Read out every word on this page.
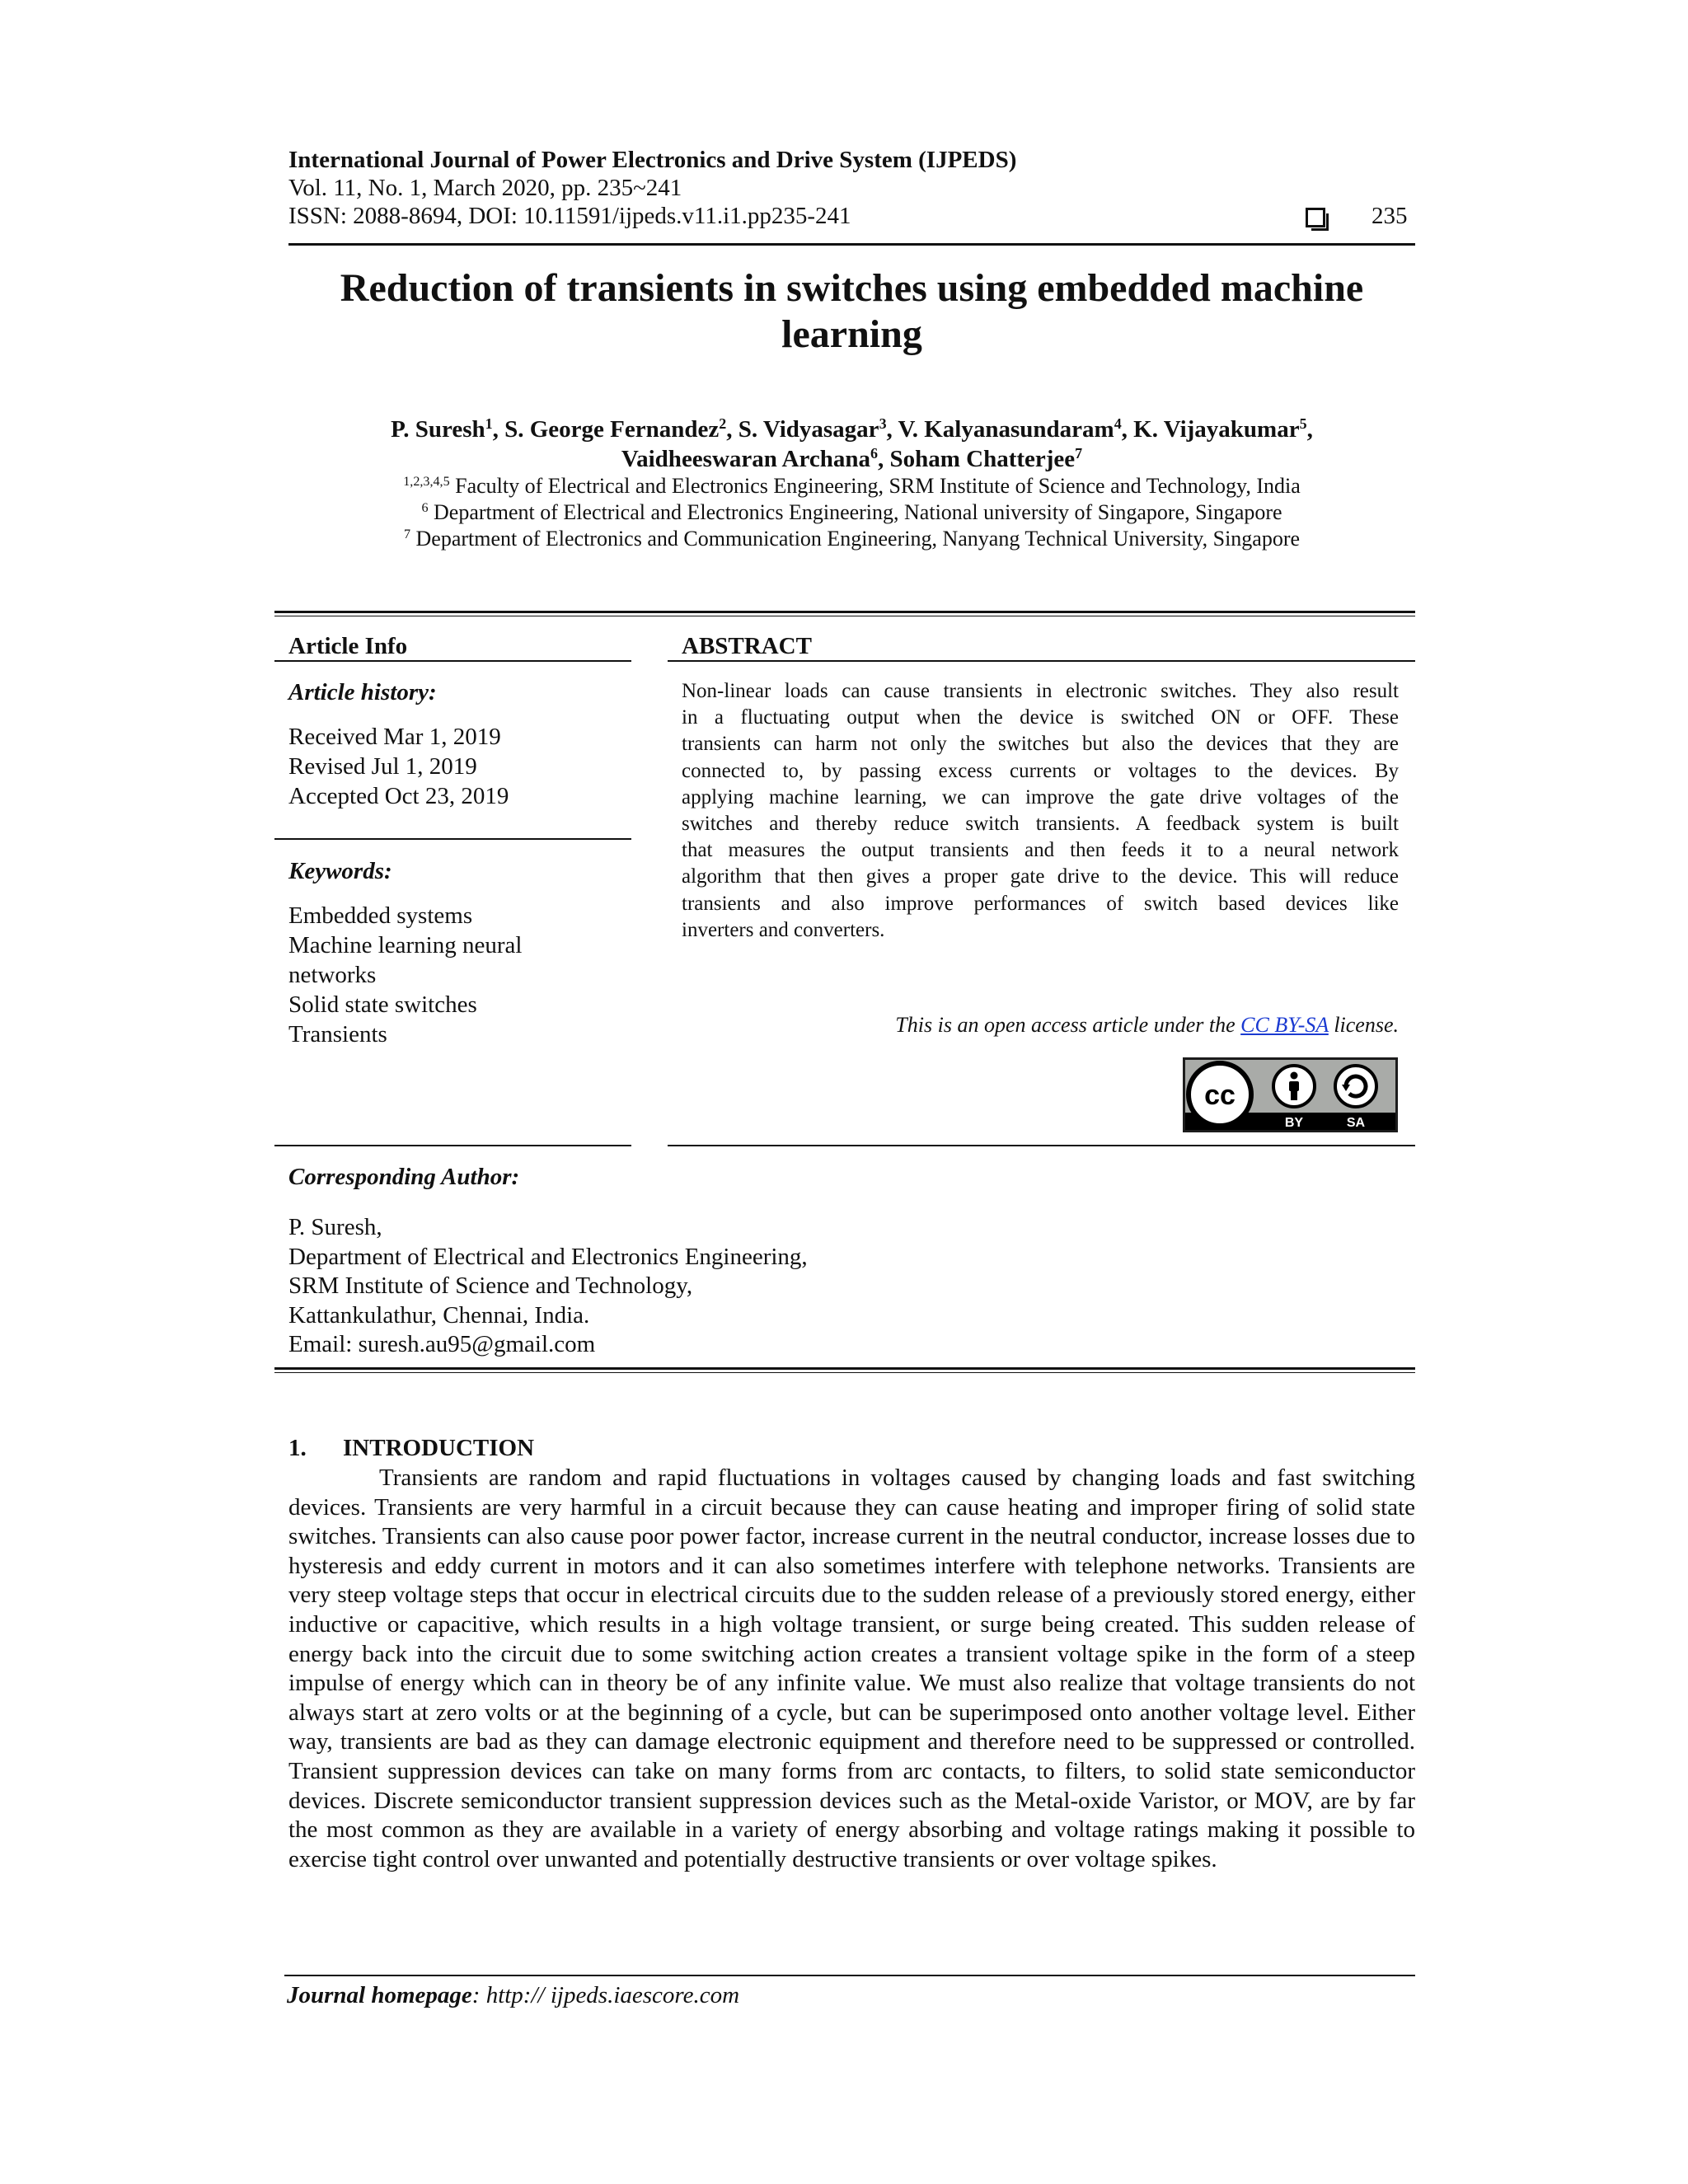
International Journal of Power Electronics and Drive System (IJPEDS)
Vol. 11, No. 1, March 2020, pp. 235~241
ISSN: 2088-8694, DOI: 10.11591/ijpeds.v11.i1.pp235-241	235
Reduction of transients in switches using embedded machine
learning
P. Suresh$^1$, S. George Fernandez$^2$, S. Vidyasagar$^3$, V. Kalyanasundaram$^4$, K. Vijayakumar$^5$,
Vaidheeswaran Archana$^6$, Soham Chatterjee$^7$
$^{1,2,3,4,5}$ Faculty of Electrical and Electronics Engineering, SRM Institute of Science and Technology, India
$^6$ Department of Electrical and Electronics Engineering, National university of Singapore, Singapore
$^7$ Department of Electronics and Communication Engineering, Nanyang Technical University, Singapore
Article Info	ABSTRACT
Article history:
Received Mar 1, 2019
Revised Jul 1, 2019
Accepted Oct 23, 2019
Keywords:
Embedded systems
Machine learning neural
networks
Solid state switches
Transients
Non-linear loads can cause transients in electronic switches. They also result
in a fluctuating output when the device is switched ON or OFF. These
transients can harm not only the switches but also the devices that they are
connected to, by passing excess currents or voltages to the devices. By
applying machine learning, we can improve the gate drive voltages of the
switches and thereby reduce switch transients. A feedback system is built
that measures the output transients and then feeds it to a neural network
algorithm that then gives a proper gate drive to the device. This will reduce
transients and also improve performances of switch based devices like
inverters and converters.
This is an open access article under the CC BY-SA license.
cc
BY	SA
Corresponding Author:
P. Suresh,
Department of Electrical and Electronics Engineering,
SRM Institute of Science and Technology,
Kattankulathur, Chennai, India.
Email: suresh.au95@gmail.com
1. INTRODUCTION
Transients are random and rapid fluctuations in voltages caused by changing loads and fast switching devices. Transients are very harmful in a circuit because they can cause heating and improper firing of solid state switches. Transients can also cause poor power factor, increase current in the neutral conductor, increase losses due to hysteresis and eddy current in motors and it can also sometimes interfere with telephone networks. Transients are very steep voltage steps that occur in electrical circuits due to the sudden release of a previously stored energy, either inductive or capacitive, which results in a high voltage transient, or surge being created. This sudden release of energy back into the circuit due to some switching action creates a transient voltage spike in the form of a steep impulse of energy which can in theory be of any infinite value. We must also realize that voltage transients do not always start at zero volts or at the beginning of a cycle, but can be superimposed onto another voltage level. Either way, transients are bad as they can damage electronic equipment and therefore need to be suppressed or controlled. Transient suppression devices can take on many forms from arc contacts, to filters, to solid state semiconductor devices. Discrete semiconductor transient suppression devices such as the Metal-oxide Varistor, or MOV, are by far the most common as they are available in a variety of energy absorbing and voltage ratings making it possible to exercise tight control over unwanted and potentially destructive transients or over voltage spikes.
Journal homepage: http:// ijpeds.iaescore.com
